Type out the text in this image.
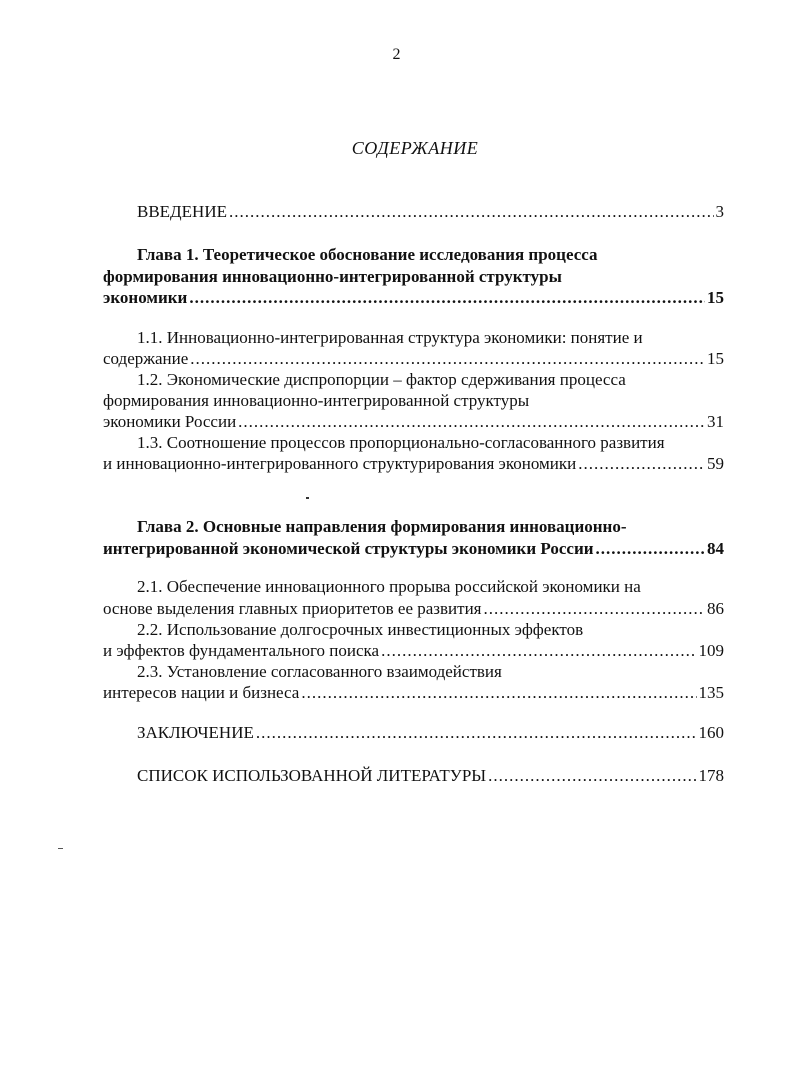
2
СОДЕРЖАНИЕ
ВВЕДЕНИЕ .....	3
Глава 1. Теоретическое обоснование исследования процесса
формирования инновационно-интегрированной структуры
экономики .....	15
1.1. Инновационно-интегрированная структура экономики: понятие и
содержание .....	15
1.2. Экономические диспропорции – фактор сдерживания процесса
формирования инновационно-интегрированной структуры
экономики России .....	31
1.3. Соотношение процессов пропорционально-согласованного развития
и инновационно-интегрированного структурирования экономики .....	59
Глава 2. Основные направления формирования инновационно-
интегрированной экономической структуры экономики России .....	84
2.1. Обеспечение инновационного прорыва российской экономики на
основе выделения главных приоритетов ее развития .....	86
2.2. Использование долгосрочных инвестиционных эффектов
и эффектов фундаментального поиска .....	109
2.3. Установление согласованного взаимодействия
интересов нации и бизнеса .....	135
ЗАКЛЮЧЕНИЕ .....	160
СПИСОК ИСПОЛЬЗОВАННОЙ ЛИТЕРАТУРЫ .....	178
